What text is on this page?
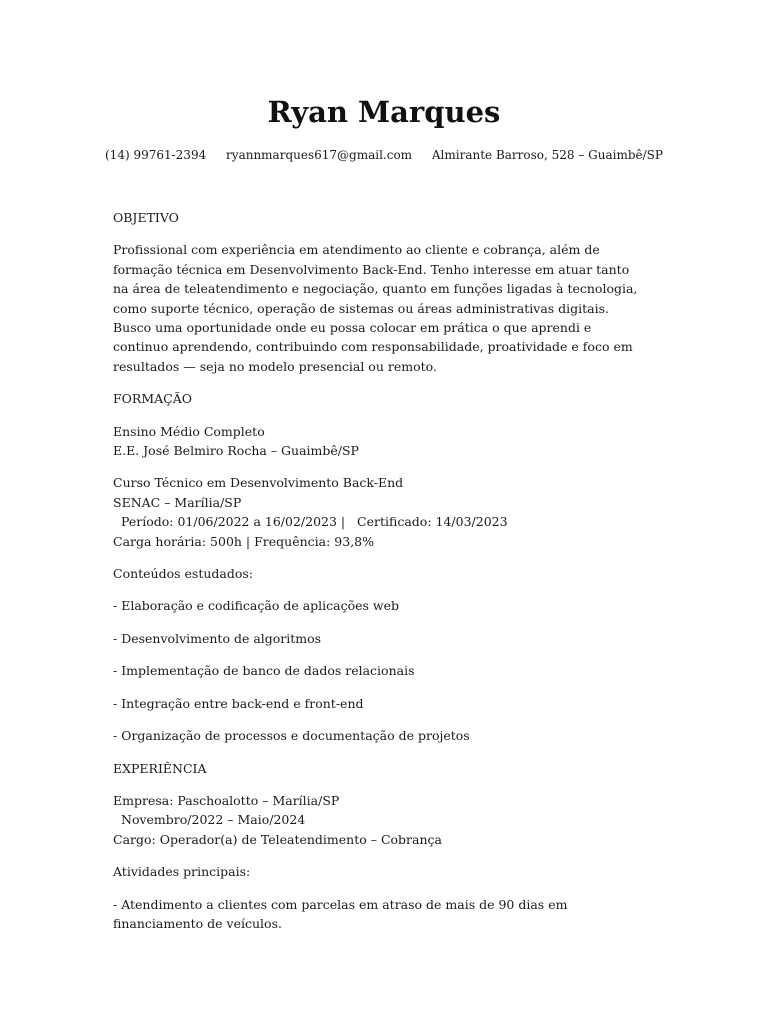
Ryan Marques
(14) 99761-2394 ryannmarques617@gmail.com Almirante Barroso, 528 – Guaimbê/SP

OBJETIVO

Profissional com experiência em atendimento ao cliente e cobrança, além de formação técnica em Desenvolvimento Back-End. Tenho interesse em atuar tanto na área de teleatendimento e negociação, quanto em funções ligadas à tecnologia, como suporte técnico, operação de sistemas ou áreas administrativas digitais. Busco uma oportunidade onde eu possa colocar em prática o que aprendi e continuo aprendendo, contribuindo com responsabilidade, proatividade e foco em resultados — seja no modelo presencial ou remoto.

FORMAÇÃO

Ensino Médio Completo

E.E. José Belmiro Rocha – Guaimbê/SP

Curso Técnico em Desenvolvimento Back-End

SENAC – Marília/SP

Período: 01/06/2022 a 16/02/2023 |   Certificado: 14/03/2023

Carga horária: 500h | Frequência: 93,8%

Conteúdos estudados:

- Elaboração e codificação de aplicações web

- Desenvolvimento de algoritmos

- Implementação de banco de dados relacionais

- Integração entre back-end e front-end

- Organização de processos e documentação de projetos

EXPERIÊNCIA

Empresa: Paschoalotto – Marília/SP

Novembro/2022 – Maio/2024

Cargo: Operador(a) de Teleatendimento – Cobrança

Atividades principais:

- Atendimento a clientes com parcelas em atraso de mais de 90 dias em financiamento de veículos.
